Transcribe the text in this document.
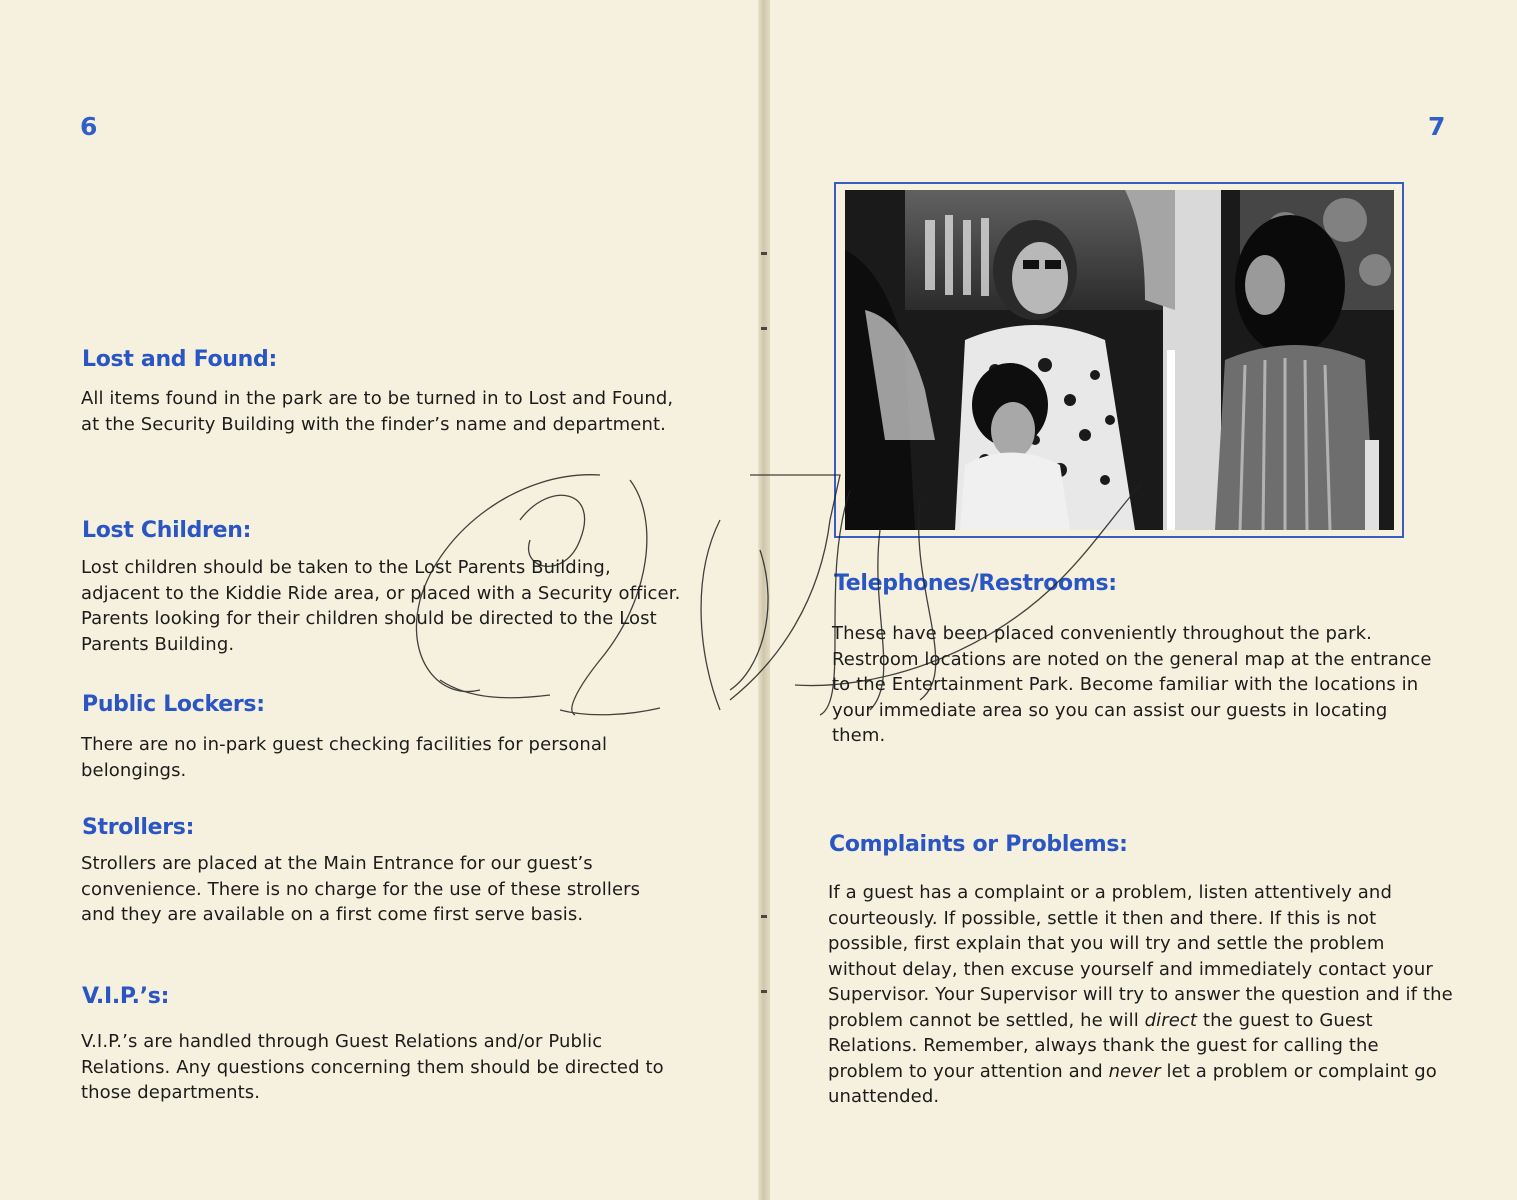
6
Lost and Found:

All items found in the park are to be turned in to Lost and Found, at the Security Building with the finder’s name and department.

Lost Children:

Lost children should be taken to the Lost Parents Building, adjacent to the Kiddie Ride area, or placed with a Security officer. Parents looking for their children should be directed to the Lost Parents Building.

Public Lockers:

There are no in-park guest checking facilities for personal belongings.

Strollers:

Strollers are placed at the Main Entrance for our guest’s convenience. There is no charge for the use of these strollers and they are available on a first come first serve basis.

V.I.P.’s:

V.I.P.’s are handled through Guest Relations and/or Public Relations. Any questions concerning them should be directed to those departments.

7
Telephones/Restrooms:

These have been placed conveniently throughout the park. Restroom locations are noted on the general map at the entrance to the Entertainment Park. Become familiar with the locations in your immediate area so you can assist our guests in locating them.

Complaints or Problems:

If a guest has a complaint or a problem, listen attentively and courteously. If possible, settle it then and there. If this is not possible, first explain that you will try and settle the problem without delay, then excuse yourself and immediately contact your Supervisor. Your Supervisor will try to answer the question and if the problem cannot be settled, he will direct the guest to Guest Relations. Remember, always thank the guest for calling the problem to your attention and never let a problem or complaint go unattended.
